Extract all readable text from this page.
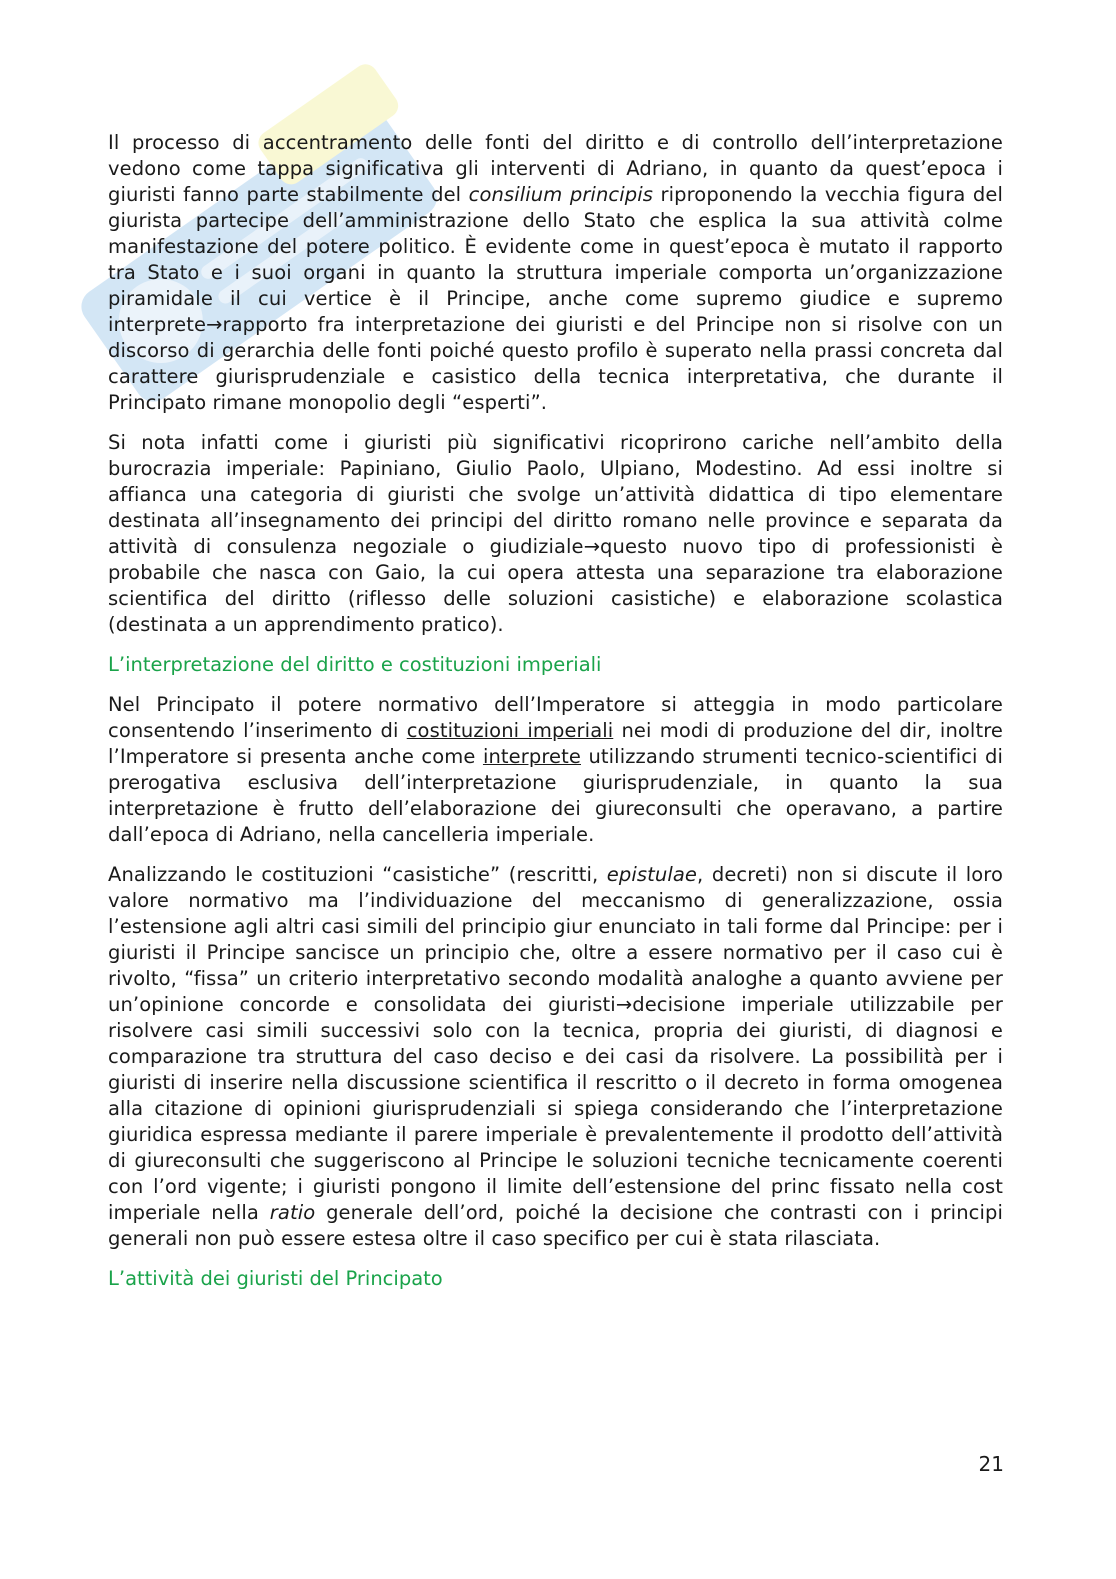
Il processo di accentramento delle fonti del diritto e di controllo dell’interpretazione vedono come tappa significativa gli interventi di Adriano, in quanto da quest’epoca i giuristi fanno parte stabilmente del consilium principis riproponendo la vecchia figura del giurista partecipe dell’amministrazione dello Stato che esplica la sua attività colme manifestazione del potere politico. È evidente come in quest’epoca è mutato il rapporto tra Stato e i suoi organi in quanto la struttura imperiale comporta un’organizzazione piramidale il cui vertice è il Principe, anche come supremo giudice e supremo interprete→rapporto fra interpretazione dei giuristi e del Principe non si risolve con un discorso di gerarchia delle fonti poiché questo profilo è superato nella prassi concreta dal carattere giurisprudenziale e casistico della tecnica interpretativa, che durante il Principato rimane monopolio degli “esperti”.

Si nota infatti come i giuristi più significativi ricoprirono cariche nell’ambito della burocrazia imperiale: Papiniano, Giulio Paolo, Ulpiano, Modestino. Ad essi inoltre si affianca una categoria di giuristi che svolge un’attività didattica di tipo elementare destinata all’insegnamento dei principi del diritto romano nelle province e separata da attività di consulenza negoziale o giudiziale→questo nuovo tipo di professionisti è probabile che nasca con Gaio, la cui opera attesta una separazione tra elaborazione scientifica del diritto (riflesso delle soluzioni casistiche) e elaborazione scolastica (destinata a un apprendimento pratico).

L’interpretazione del diritto e costituzioni imperiali

Nel Principato il potere normativo dell’Imperatore si atteggia in modo particolare consentendo l’inserimento di costituzioni imperiali nei modi di produzione del dir, inoltre l’Imperatore si presenta anche come interprete utilizzando strumenti tecnico-scientifici di prerogativa esclusiva dell’interpretazione giurisprudenziale, in quanto la sua interpretazione è frutto dell’elaborazione dei giureconsulti che operavano, a partire dall’epoca di Adriano, nella cancelleria imperiale.

Analizzando le costituzioni “casistiche” (rescritti, epistulae, decreti) non si discute il loro valore normativo ma l’individuazione del meccanismo di generalizzazione, ossia l’estensione agli altri casi simili del principio giur enunciato in tali forme dal Principe: per i giuristi il Principe sancisce un principio che, oltre a essere normativo per il caso cui è rivolto, “fissa” un criterio interpretativo secondo modalità analoghe a quanto avviene per un’opinione concorde e consolidata dei giuristi→decisione imperiale utilizzabile per risolvere casi simili successivi solo con la tecnica, propria dei giuristi, di diagnosi e comparazione tra struttura del caso deciso e dei casi da risolvere. La possibilità per i giuristi di inserire nella discussione scientifica il rescritto o il decreto in forma omogenea alla citazione di opinioni giurisprudenziali si spiega considerando che l’interpretazione giuridica espressa mediante il parere imperiale è prevalentemente il prodotto dell’attività di giureconsulti che suggeriscono al Principe le soluzioni tecniche tecnicamente coerenti con l’ord vigente; i giuristi pongono il limite dell’estensione del princ fissato nella cost imperiale nella ratio generale dell’ord, poiché la decisione che contrasti con i principi generali non può essere estesa oltre il caso specifico per cui è stata rilasciata.

L’attività dei giuristi del Principato
21
